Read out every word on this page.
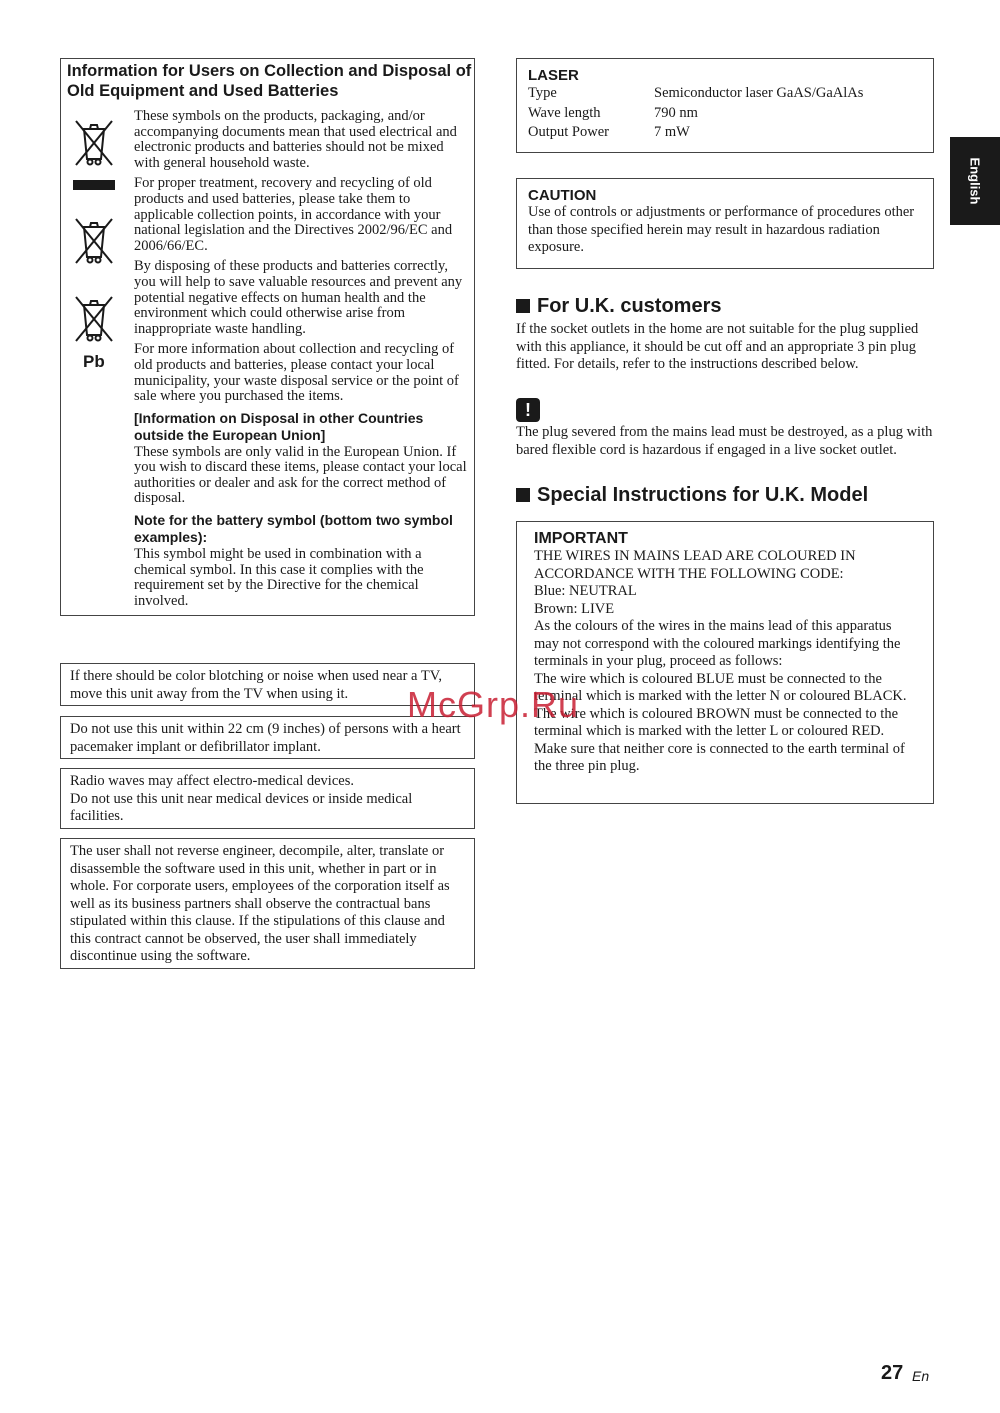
Information for Users on Collection and Disposal of Old Equipment and Used Batteries
Pb

These symbols on the products, packaging, and/or accompanying documents mean that used electrical and electronic products and batteries should not be mixed with general household waste.

For proper treatment, recovery and recycling of old products and used batteries, please take them to applicable collection points, in accordance with your national legislation and the Directives 2002/96/EC and 2006/66/EC.

By disposing of these products and batteries correctly, you will help to save valuable resources and prevent any potential negative effects on human health and the environment which could otherwise arise from inappropriate waste handling.

For more information about collection and recycling of old products and batteries, please contact your local municipality, your waste disposal service or the point of sale where you purchased the items.

[Information on Disposal in other Countries outside the European Union]

These symbols are only valid in the European Union. If you wish to discard these items, please contact your local authorities or dealer and ask for the correct method of disposal.

Note for the battery symbol (bottom two symbol examples):

This symbol might be used in combination with a chemical symbol. In this case it complies with the requirement set by the Directive for the chemical involved.

If there should be color blotching or noise when used near a TV, move this unit away from the TV when using it.

Do not use this unit within 22 cm (9 inches) of persons with a heart pacemaker implant or defibrillator implant.

Radio waves may affect electro-medical devices.
Do not use this unit near medical devices or inside medical facilities.

The user shall not reverse engineer, decompile, alter, translate or disassemble the software used in this unit, whether in part or in whole. For corporate users, employees of the corporation itself as well as its business partners shall observe the contractual bans stipulated within this clause. If the stipulations of this clause and this contract cannot be observed, the user shall immediately discontinue using the software.

LASER
Type	Semiconductor laser GaAS/GaAlAs
Wave length	790 nm
Output Power	7 mW
CAUTION

Use of controls or adjustments or performance of procedures other than those specified herein may result in hazardous radiation exposure.

For U.K. customers

If the socket outlets in the home are not suitable for the plug supplied with this appliance, it should be cut off and an appropriate 3 pin plug fitted. For details, refer to the instructions described below.

!

The plug severed from the mains lead must be destroyed, as a plug with bared flexible cord is hazardous if engaged in a live socket outlet.

Special Instructions for U.K. Model
IMPORTANT

THE WIRES IN MAINS LEAD ARE COLOURED IN ACCORDANCE WITH THE FOLLOWING CODE:

Blue: NEUTRAL

Brown: LIVE

As the colours of the wires in the mains lead of this apparatus may not correspond with the coloured markings identifying the terminals in your plug, proceed as follows:

The wire which is coloured BLUE must be connected to the terminal which is marked with the letter N or coloured BLACK. The wire which is coloured BROWN must be connected to the terminal which is marked with the letter L or coloured RED.

Make sure that neither core is connected to the earth terminal of the three pin plug.

English
27 En
McGrp.Ru
